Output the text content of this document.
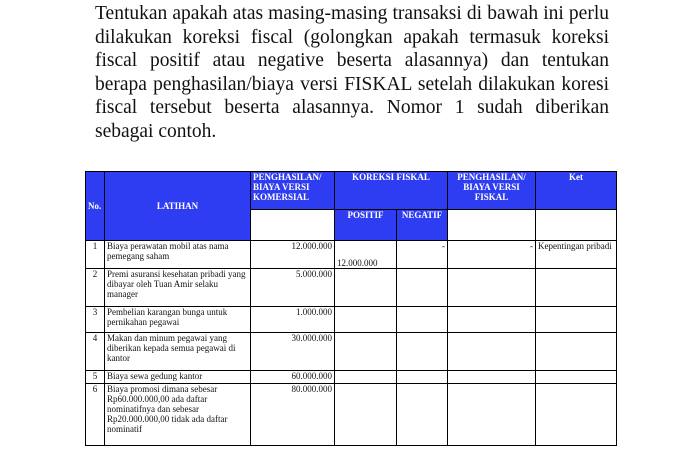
Tentukan apakah atas masing-masing transaksi di bawah ini perlu dilakukan koreksi fiscal (golongkan apakah termasuk koreksi fiscal positif atau negative beserta alasannya) dan tentukan berapa penghasilan/biaya versi FISKAL setelah dilakukan koresi fiscal tersebut beserta alasannya. Nomor 1 sudah diberikan sebagai contoh.

No.	LATIHAN	PENGHASILAN/ BIAYA VERSI KOMERSIAL	KOREKSI FISKAL		PENGHASILAN/ BIAYA VERSI FISKAL	Ket
			POSITIF	NEGATIF		
1	Biaya perawatan mobil atas nama pemegang saham	12.000.000	12.000.000	-	-	Kepentingan pribadi
2	Premi asuransi kesehatan pribadi yang dibayar oleh Tuan Amir selaku manager	5.000.000				
3	Pembelian karangan bunga untuk pernikahan pegawai	1.000.000				
4	Makan dan minum pegawai yang diberikan kepada semua pegawai di kantor	30.000.000				
5	Biaya sewa gedung kantor	60.000.000				
6	Biaya promosi dimana sebesar Rp60.000.000,00 ada daftar nominatifnya dan sebesar Rp20.000.000,00 tidak ada daftar nominatif	80.000.000				
